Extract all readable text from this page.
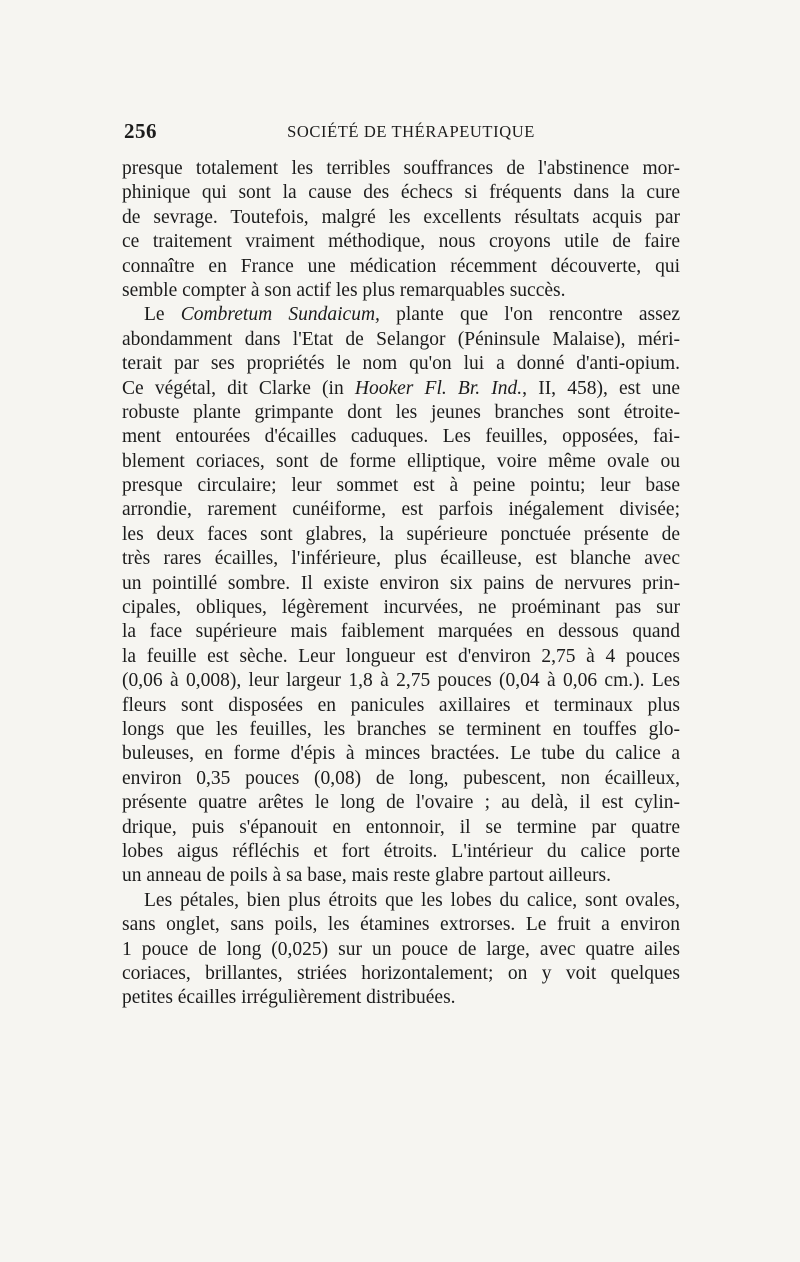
256	SOCIÉTÉ DE THÉRAPEUTIQUE
presque totalement les terribles souffrances de l'abstinence mor-
phinique qui sont la cause des échecs si fréquents dans la cure
de sevrage. Toutefois, malgré les excellents résultats acquis par
ce traitement vraiment méthodique, nous croyons utile de faire
connaître en France une médication récemment découverte, qui
semble compter à son actif les plus remarquables succès.
Le Combretum Sundaicum, plante que l'on rencontre assez
abondamment dans l'Etat de Selangor (Péninsule Malaise), méri-
terait par ses propriétés le nom qu'on lui a donné d'anti-opium.
Ce végétal, dit Clarke (in Hooker Fl. Br. Ind., II, 458), est une
robuste plante grimpante dont les jeunes branches sont étroite-
ment entourées d'écailles caduques. Les feuilles, opposées, fai-
blement coriaces, sont de forme elliptique, voire même ovale ou
presque circulaire; leur sommet est à peine pointu; leur base
arrondie, rarement cunéiforme, est parfois inégalement divisée;
les deux faces sont glabres, la supérieure ponctuée présente de
très rares écailles, l'inférieure, plus écailleuse, est blanche avec
un pointillé sombre. Il existe environ six pains de nervures prin-
cipales, obliques, légèrement incurvées, ne proéminant pas sur
la face supérieure mais faiblement marquées en dessous quand
la feuille est sèche. Leur longueur est d'environ 2,75 à 4 pouces
(0,06 à 0,008), leur largeur 1,8 à 2,75 pouces (0,04 à 0,06 cm.). Les
fleurs sont disposées en panicules axillaires et terminaux plus
longs que les feuilles, les branches se terminent en touffes glo-
buleuses, en forme d'épis à minces bractées. Le tube du calice a
environ 0,35 pouces (0,08) de long, pubescent, non écailleux,
présente quatre arêtes le long de l'ovaire ; au delà, il est cylin-
drique, puis s'épanouit en entonnoir, il se termine par quatre
lobes aigus réfléchis et fort étroits. L'intérieur du calice porte
un anneau de poils à sa base, mais reste glabre partout ailleurs.
Les pétales, bien plus étroits que les lobes du calice, sont ovales,
sans onglet, sans poils, les étamines extrorses. Le fruit a environ
1 pouce de long (0,025) sur un pouce de large, avec quatre ailes
coriaces, brillantes, striées horizontalement; on y voit quelques
petites écailles irrégulièrement distribuées.
